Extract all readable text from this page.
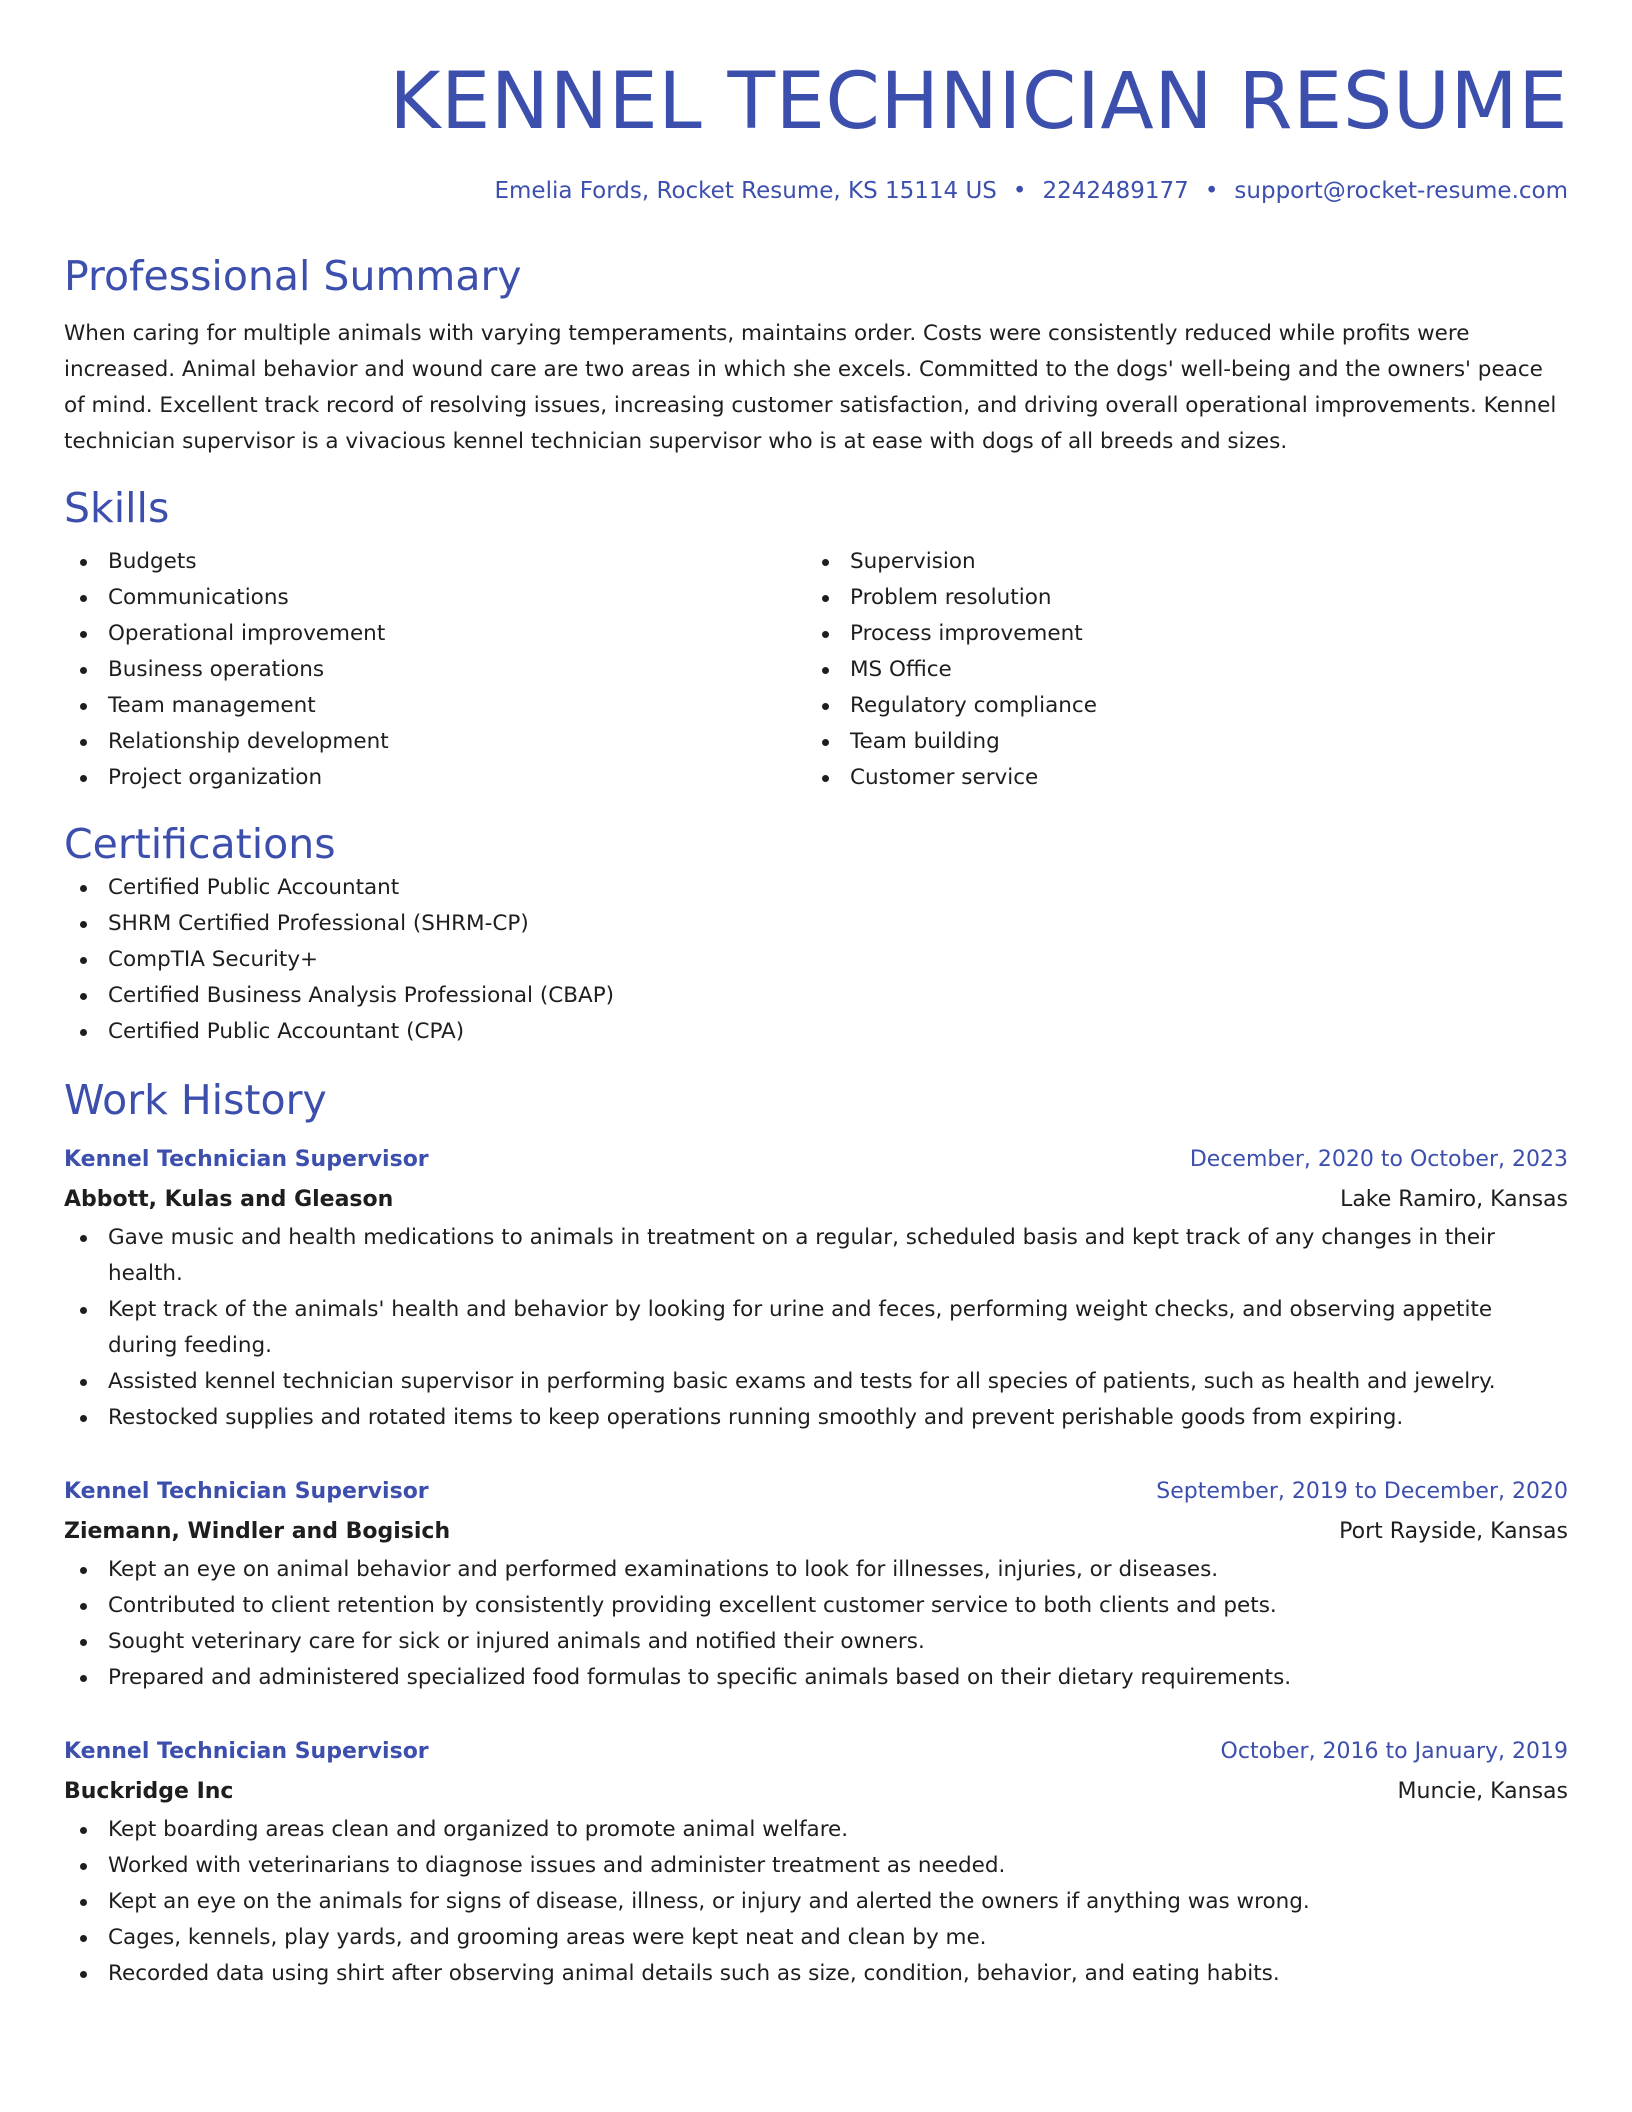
KENNEL TECHNICIAN RESUME
Emelia Fords, Rocket Resume, KS 15114 US • 2242489177 • support@rocket-resume.com
Professional Summary

When caring for multiple animals with varying temperaments, maintains order. Costs were consistently reduced while profits were increased. Animal behavior and wound care are two areas in which she excels. Committed to the dogs' well-being and the owners' peace of mind. Excellent track record of resolving issues, increasing customer satisfaction, and driving overall operational improvements. Kennel technician supervisor is a vivacious kennel technician supervisor who is at ease with dogs of all breeds and sizes.

Skills
Budgets
Communications
Operational improvement
Business operations
Team management
Relationship development
Project organization
Supervision
Problem resolution
Process improvement
MS Office
Regulatory compliance
Team building
Customer service
Certifications
Certified Public Accountant
SHRM Certified Professional (SHRM-CP)
CompTIA Security+
Certified Business Analysis Professional (CBAP)
Certified Public Accountant (CPA)
Work History
Kennel Technician Supervisor	December, 2020 to October, 2023
Abbott, Kulas and Gleason	Lake Ramiro, Kansas
Gave music and health medications to animals in treatment on a regular, scheduled basis and kept track of any changes in their health.
Kept track of the animals' health and behavior by looking for urine and feces, performing weight checks, and observing appetite during feeding.
Assisted kennel technician supervisor in performing basic exams and tests for all species of patients, such as health and jewelry.
Restocked supplies and rotated items to keep operations running smoothly and prevent perishable goods from expiring.
Kennel Technician Supervisor	September, 2019 to December, 2020
Ziemann, Windler and Bogisich	Port Rayside, Kansas
Kept an eye on animal behavior and performed examinations to look for illnesses, injuries, or diseases.
Contributed to client retention by consistently providing excellent customer service to both clients and pets.
Sought veterinary care for sick or injured animals and notified their owners.
Prepared and administered specialized food formulas to specific animals based on their dietary requirements.
Kennel Technician Supervisor	October, 2016 to January, 2019
Buckridge Inc	Muncie, Kansas
Kept boarding areas clean and organized to promote animal welfare.
Worked with veterinarians to diagnose issues and administer treatment as needed.
Kept an eye on the animals for signs of disease, illness, or injury and alerted the owners if anything was wrong.
Cages, kennels, play yards, and grooming areas were kept neat and clean by me.
Recorded data using shirt after observing animal details such as size, condition, behavior, and eating habits.
